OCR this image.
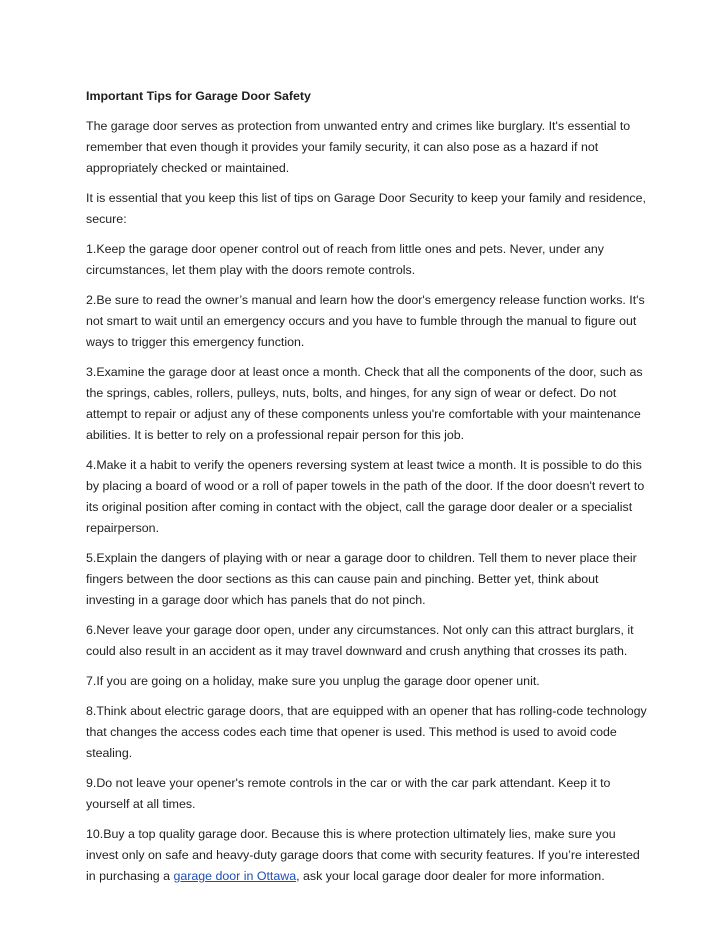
Important Tips for Garage Door Safety

The garage door serves as protection from unwanted entry and crimes like burglary. It's essential to remember that even though it provides your family security, it can also pose as a hazard if not appropriately checked or maintained.

It is essential that you keep this list of tips on Garage Door Security to keep your family and residence, secure:

1.Keep the garage door opener control out of reach from little ones and pets. Never, under any circumstances, let them play with the doors remote controls.

2.Be sure to read the owner’s manual and learn how the door's emergency release function works. It's not smart to wait until an emergency occurs and you have to fumble through the manual to figure out ways to trigger this emergency function.

3.Examine the garage door at least once a month. Check that all the components of the door, such as the springs, cables, rollers, pulleys, nuts, bolts, and hinges, for any sign of wear or defect. Do not attempt to repair or adjust any of these components unless you're comfortable with your maintenance abilities. It is better to rely on a professional repair person for this job.

4.Make it a habit to verify the openers reversing system at least twice a month. It is possible to do this by placing a board of wood or a roll of paper towels in the path of the door. If the door doesn't revert to its original position after coming in contact with the object, call the garage door dealer or a specialist repairperson.

5.Explain the dangers of playing with or near a garage door to children. Tell them to never place their fingers between the door sections as this can cause pain and pinching. Better yet, think about investing in a garage door which has panels that do not pinch.

6.Never leave your garage door open, under any circumstances. Not only can this attract burglars, it could also result in an accident as it may travel downward and crush anything that crosses its path.

7.If you are going on a holiday, make sure you unplug the garage door opener unit.

8.Think about electric garage doors, that are equipped with an opener that has rolling-code technology that changes the access codes each time that opener is used. This method is used to avoid code stealing.

9.Do not leave your opener's remote controls in the car or with the car park attendant. Keep it to yourself at all times.

10.Buy a top quality garage door. Because this is where protection ultimately lies, make sure you invest only on safe and heavy-duty garage doors that come with security features. If you’re interested in purchasing a garage door in Ottawa, ask your local garage door dealer for more information.
